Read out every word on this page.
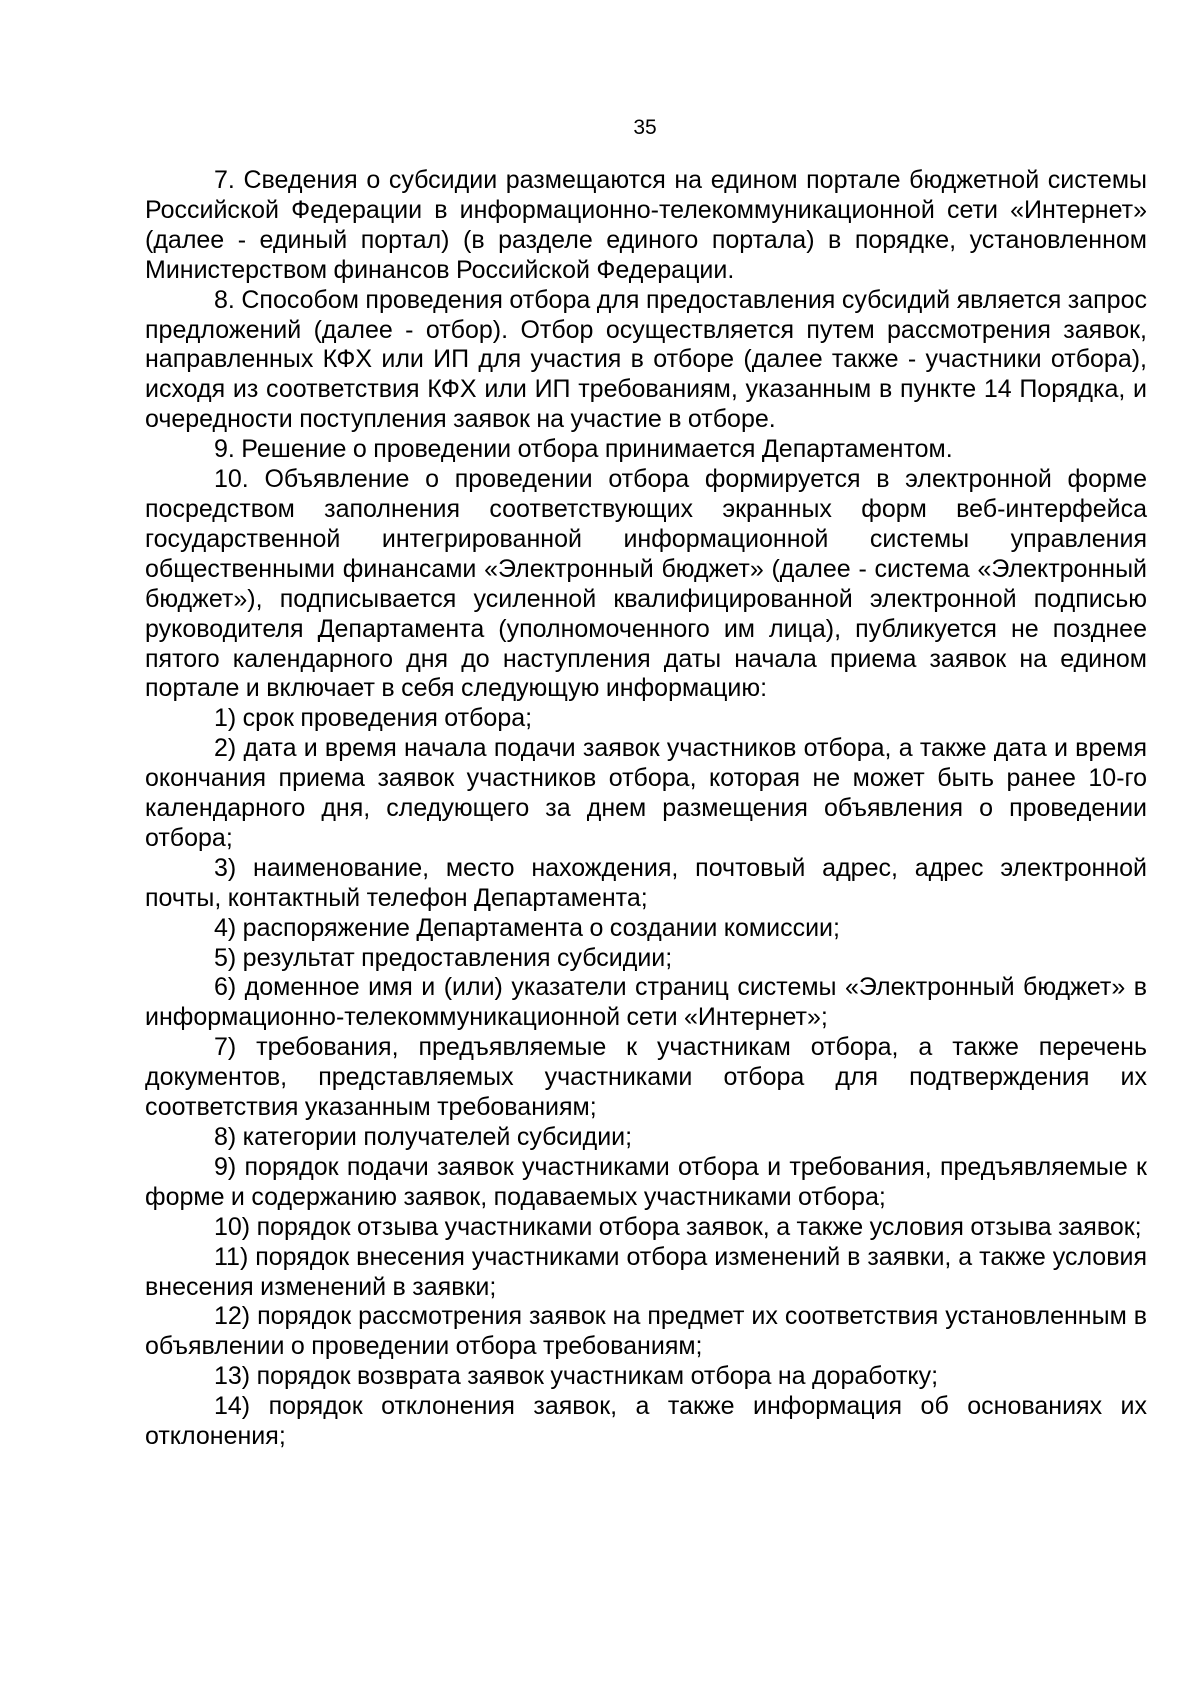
35

7. Сведения о субсидии размещаются на едином портале бюджетной системы Российской Федерации в информационно-телекоммуникационной сети «Интернет» (далее - единый портал) (в разделе единого портала) в порядке, установленном Министерством финансов Российской Федерации.

8. Способом проведения отбора для предоставления субсидий является запрос предложений (далее - отбор). Отбор осуществляется путем рассмотрения заявок, направленных КФХ или ИП для участия в отборе (далее также - участники отбора), исходя из соответствия КФХ или ИП требованиям, указанным в пункте 14 Порядка, и очередности поступления заявок на участие в отборе.

9. Решение о проведении отбора принимается Департаментом.

10. Объявление о проведении отбора формируется в электронной форме посредством заполнения соответствующих экранных форм веб-интерфейса государственной интегрированной информационной системы управления общественными финансами «Электронный бюджет» (далее - система «Электронный бюджет»), подписывается усиленной квалифицированной электронной подписью руководителя Департамента (уполномоченного им лица), публикуется не позднее пятого календарного дня до наступления даты начала приема заявок на едином портале и включает в себя следующую информацию:

1) срок проведения отбора;

2) дата и время начала подачи заявок участников отбора, а также дата и время окончания приема заявок участников отбора, которая не может быть ранее 10-го календарного дня, следующего за днем размещения объявления о проведении отбора;

3) наименование, место нахождения, почтовый адрес, адрес электронной почты, контактный телефон Департамента;

4) распоряжение Департамента о создании комиссии;

5) результат предоставления субсидии;

6) доменное имя и (или) указатели страниц системы «Электронный бюджет» в информационно-телекоммуникационной сети «Интернет»;

7) требования, предъявляемые к участникам отбора, а также перечень документов, представляемых участниками отбора для подтверждения их соответствия указанным требованиям;

8) категории получателей субсидии;

9) порядок подачи заявок участниками отбора и требования, предъявляемые к форме и содержанию заявок, подаваемых участниками отбора;

10) порядок отзыва участниками отбора заявок, а также условия отзыва заявок;

11) порядок внесения участниками отбора изменений в заявки, а также условия внесения изменений в заявки;

12) порядок рассмотрения заявок на предмет их соответствия установленным в объявлении о проведении отбора требованиям;

13) порядок возврата заявок участникам отбора на доработку;

14) порядок отклонения заявок, а также информация об основаниях их отклонения;
